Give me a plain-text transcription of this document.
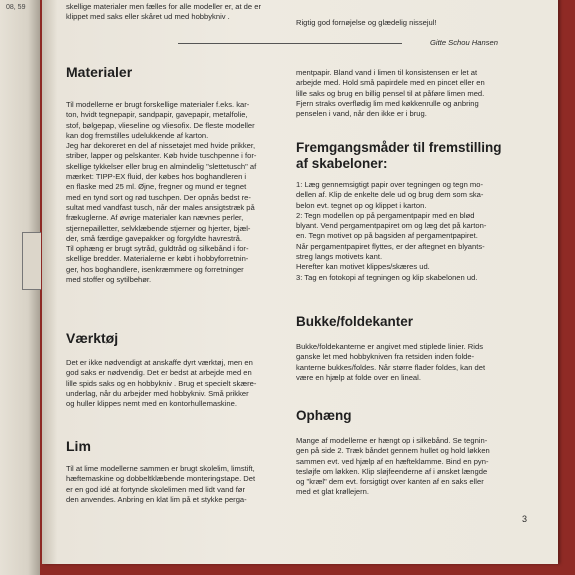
08, 59	skellige materialer men fælles for alle modeller er, at de er

klippet med saks eller skåret ud med hobbykniv .

Rigtig god fornøjelse og glædelig nissejul!
Gitte Schou Hansen
Materialer

Til modellerne er brugt forskellige materialer f.eks. kar-

ton, hvidt tegnepapir, sandpapir, gavepapir, metalfolie,

stof, bølgepap, vlieseline og vliesofix. De fleste modeller

kan dog fremstilles udelukkende af karton.

Jeg har dekoreret en del af nissetøjet med hvide prikker,

striber, lapper og pelskanter. Køb hvide tuschpenne i for-

skellige tykkelser eller brug en almindelig "slettetusch" af

mærket: TIPP-EX fluid, der købes hos boghandleren i

en flaske med 25 ml. Øjne, fregner og mund er tegnet

med en tynd sort og rød tuschpen. Der opnås bedst re-

sultat med vandfast tusch, når der males ansigtstræk på

frækuglerne. Af øvrige materialer kan nævnes perler,

stjernepailletter, selvklæbende stjerner og hjerter, bjæl-

der, små færdige gavepakker og forgyldte havrestrå.

Til ophæng er brugt sytråd, guldtråd og silkebånd i for-

skellige bredder. Materialerne er købt i hobbyforretnin-

ger, hos boghandlere, isenkræmmere og forretninger

med stoffer og sytilbehør.

Værktøj

Det er ikke nødvendigt at anskaffe dyrt værktøj, men en

god saks er nødvendig. Det er bedst at arbejde med en

lille spids saks og en hobbykniv . Brug et specielt skære-

underlag, når du arbejder med hobbykniv. Små prikker

og huller klippes nemt med en kontorhullemaskine.

Lim

Til at lime modellerne sammen er brugt skolelim, limstift,

hæftemaskine og dobbeltklæbende monteringstape. Det

er en god idé at fortynde skolelimen med lidt vand før

den anvendes. Anbring en klat lim på et stykke perga-

mentpapir. Bland vand i limen til konsistensen er let at

arbejde med. Hold små papirdele med en pincet eller en

lille saks og brug en billig pensel til at påføre limen med.

Fjern straks overflødig lim med køkkenrulle og anbring

penselen i vand, når den ikke er i brug.

Fremgangsmåder til fremstilling
af skabeloner:

1: Læg gennemsigtigt papir over tegningen og tegn mo-

dellen af. Klip de enkelte dele ud og brug dem som ska-

belon evt. tegnet op og klippet i karton.

2: Tegn modellen op på pergamentpapir med en blød

blyant. Vend pergamentpapiret om og læg det på karton-

en. Tegn motivet op på bagsiden af pergamentpapiret.

Når pergamentpapiret flyttes, er der aftegnet en blyants-

streg langs motivets kant.

Herefter kan motivet klippes/skæres ud.

3: Tag en fotokopi af tegningen og klip skabelonen ud.

Bukke/foldekanter

Bukke/foldekanterne er angivet med stiplede linier. Rids

ganske let med hobbykniven fra retsiden inden folde-

kanterne bukkes/foldes. Når større flader foldes, kan det

være en hjælp at folde over en lineal.

Ophæng

Mange af modellerne er hængt op i silkebånd. Se tegnin-

gen på side 2. Træk båndet gennem hullet og hold løkken

sammen evt. ved hjælp af en hæfteklamme. Bind en pyn-

tesløjfe om løkken. Klip sløjfeenderne af i ønsket længde

og "kræl" dem evt. forsigtigt over kanten af en saks eller

med et glat krøllejern.

3
